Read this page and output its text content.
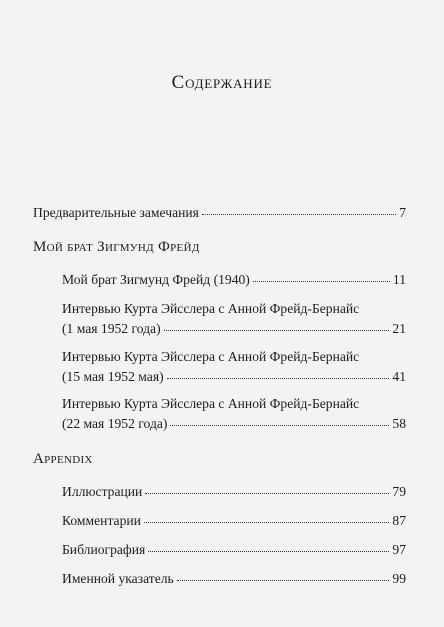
Содержание
Предварительные замечания	7
Мой брат Зигмунд Фрейд
Мой брат Зигмунд Фрейд (1940)	11
Интервью Курта Эйсслера с Анной Фрейд-Бернайс
(1 мая 1952 года)	21
Интервью Курта Эйсслера с Анной Фрейд-Бернайс
(15 мая 1952 мая)	41
Интервью Курта Эйсслера с Анной Фрейд-Бернайс
(22 мая 1952 года)	58
Appendix
Иллюстрации	79
Комментарии	87
Библиография	97
Именной указатель	99
